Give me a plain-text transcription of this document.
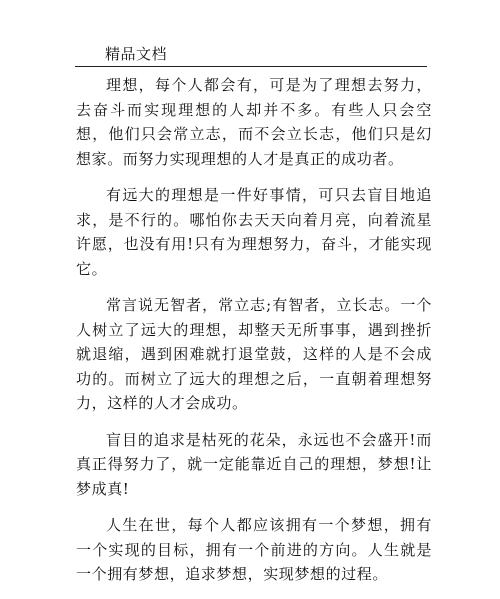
精品文档

理想，每个人都会有，可是为了理想去努力，去奋斗而实现理想的人却并不多。有些人只会空想，他们只会常立志，而不会立长志，他们只是幻想家。而努力实现理想的人才是真正的成功者。

有远大的理想是一件好事情，可只去盲目地追求，是不行的。哪怕你去天天向着月亮，向着流星许愿，也没有用!只有为理想努力，奋斗，才能实现它。

常言说无智者，常立志;有智者，立长志。一个人树立了远大的理想，却整天无所事事，遇到挫折就退缩，遇到困难就打退堂鼓，这样的人是不会成功的。而树立了远大的理想之后，一直朝着理想努力，这样的人才会成功。

盲目的追求是枯死的花朵，永远也不会盛开!而真正得努力了，就一定能靠近自己的理想，梦想!让梦成真!

人生在世，每个人都应该拥有一个梦想，拥有一个实现的目标，拥有一个前进的方向。人生就是一个拥有梦想，追求梦想，实现梦想的过程。
